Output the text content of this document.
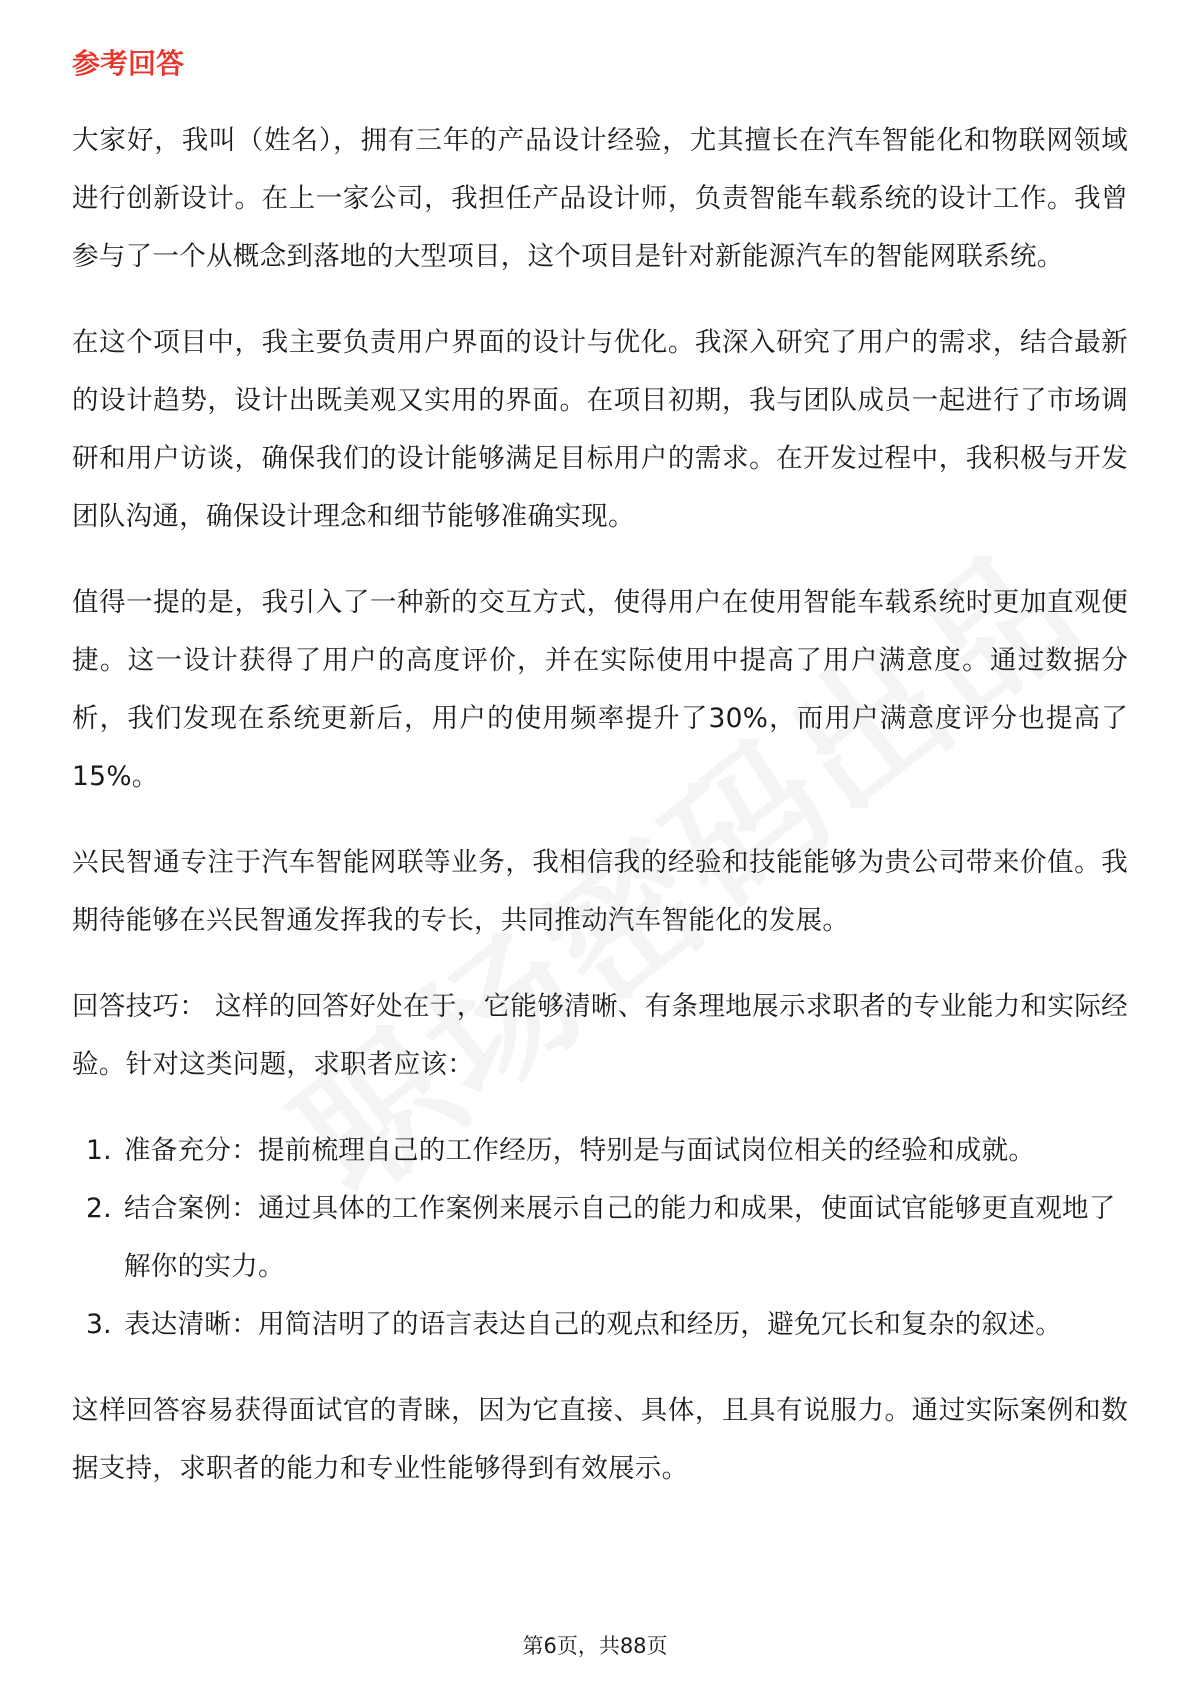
参考回答

大家好，我叫（姓名），拥有三年的产品设计经验，尤其擅长在汽车智能化和物联网领域进行创新设计。在上一家公司，我担任产品设计师，负责智能车载系统的设计工作。我曾参与了一个从概念到落地的大型项目，这个项目是针对新能源汽车的智能网联系统。

在这个项目中，我主要负责用户界面的设计与优化。我深入研究了用户的需求，结合最新的设计趋势，设计出既美观又实用的界面。在项目初期，我与团队成员一起进行了市场调研和用户访谈，确保我们的设计能够满足目标用户的需求。在开发过程中，我积极与开发团队沟通，确保设计理念和细节能够准确实现。

值得一提的是，我引入了一种新的交互方式，使得用户在使用智能车载系统时更加直观便捷。这一设计获得了用户的高度评价，并在实际使用中提高了用户满意度。通过数据分析，我们发现在系统更新后，用户的使用频率提升了30%，而用户满意度评分也提高了15%。

兴民智通专注于汽车智能网联等业务，我相信我的经验和技能能够为贵公司带来价值。我期待能够在兴民智通发挥我的专长，共同推动汽车智能化的发展。

回答技巧： 这样的回答好处在于，它能够清晰、有条理地展示求职者的专业能力和实际经验。针对这类问题，求职者应该：

1. 准备充分：提前梳理自己的工作经历，特别是与面试岗位相关的经验和成就。
2. 结合案例：通过具体的工作案例来展示自己的能力和成果，使面试官能够更直观地了解你的实力。
3. 表达清晰：用简洁明了的语言表达自己的观点和经历，避免冗长和复杂的叙述。

这样回答容易获得面试官的青睐，因为它直接、具体，且具有说服力。通过实际案例和数据支持，求职者的能力和专业性能够得到有效展示。

第6页，共88页
